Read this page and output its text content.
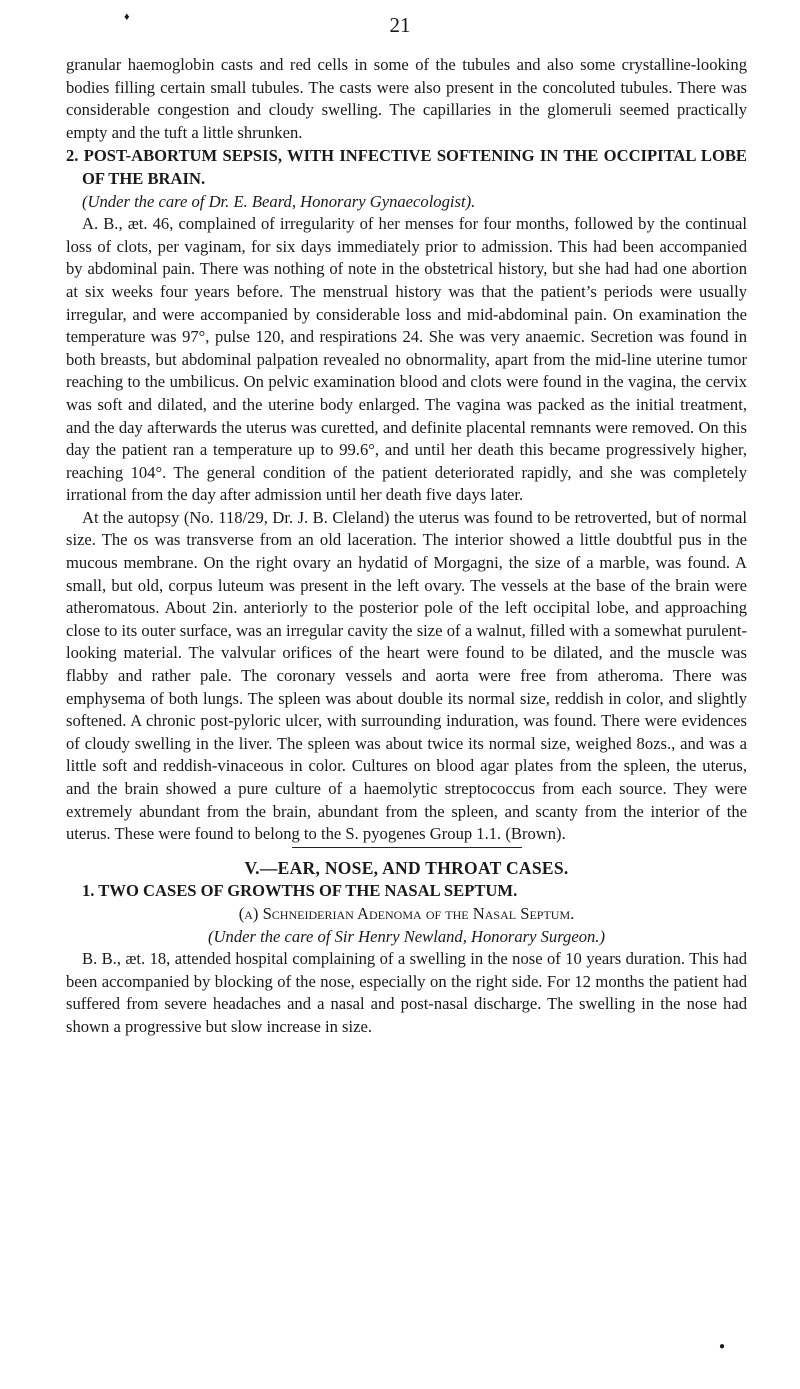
♦	21

granular haemoglobin casts and red cells in some of the tubules and also some crystalline-looking bodies filling certain small tubules. The casts were also present in the concoluted tubules. There was considerable congestion and cloudy swelling. The capillaries in the glomeruli seemed practically empty and the tuft a little shrunken.

2. POST-ABORTUM SEPSIS, WITH INFECTIVE SOFTENING IN THE OCCIPITAL LOBE OF THE BRAIN.

(Under the care of Dr. E. Beard, Honorary Gynaecologist).

A. B., æt. 46, complained of irregularity of her menses for four months, followed by the continual loss of clots, per vaginam, for six days immediately prior to admission. This had been accompanied by abdominal pain. There was nothing of note in the obstetrical history, but she had had one abortion at six weeks four years before. The menstrual history was that the patient’s periods were usually irregular, and were accompanied by considerable loss and mid-abdominal pain. On examination the temperature was 97°, pulse 120, and respirations 24. She was very anaemic. Secretion was found in both breasts, but abdominal palpation revealed no obnormality, apart from the mid-line uterine tumor reaching to the umbilicus. On pelvic examination blood and clots were found in the vagina, the cervix was soft and dilated, and the uterine body enlarged. The vagina was packed as the initial treatment, and the day afterwards the uterus was curetted, and definite placental remnants were removed. On this day the patient ran a temperature up to 99.6°, and until her death this became progressively higher, reaching 104°. The general condition of the patient deteriorated rapidly, and she was completely irrational from the day after admission until her death five days later.

At the autopsy (No. 118/29, Dr. J. B. Cleland) the uterus was found to be retroverted, but of normal size. The os was transverse from an old laceration. The interior showed a little doubtful pus in the mucous membrane. On the right ovary an hydatid of Morgagni, the size of a marble, was found. A small, but old, corpus luteum was present in the left ovary. The vessels at the base of the brain were atheromatous. About 2in. anteriorly to the posterior pole of the left occipital lobe, and approaching close to its outer surface, was an irregular cavity the size of a walnut, filled with a somewhat purulent-looking material. The valvular orifices of the heart were found to be dilated, and the muscle was flabby and rather pale. The coronary vessels and aorta were free from atheroma. There was emphysema of both lungs. The spleen was about double its normal size, reddish in color, and slightly softened. A chronic post-pyloric ulcer, with surrounding induration, was found. There were evidences of cloudy swelling in the liver. The spleen was about twice its normal size, weighed 8ozs., and was a little soft and reddish-vinaceous in color. Cultures on blood agar plates from the spleen, the uterus, and the brain showed a pure culture of a haemolytic streptococcus from each source. They were extremely abundant from the brain, abundant from the spleen, and scanty from the interior of the uterus. These were found to belong to the S. pyogenes Group 1.1. (Brown).

V.—EAR, NOSE, AND THROAT CASES.

1. TWO CASES OF GROWTHS OF THE NASAL SEPTUM.

(a) Schneiderian Adenoma of the Nasal Septum.

(Under the care of Sir Henry Newland, Honorary Surgeon.)

B. B., æt. 18, attended hospital complaining of a swelling in the nose of 10 years duration. This had been accompanied by blocking of the nose, especially on the right side. For 12 months the patient had suffered from severe headaches and a nasal and post-nasal discharge. The swelling in the nose had shown a progressive but slow increase in size.

●
